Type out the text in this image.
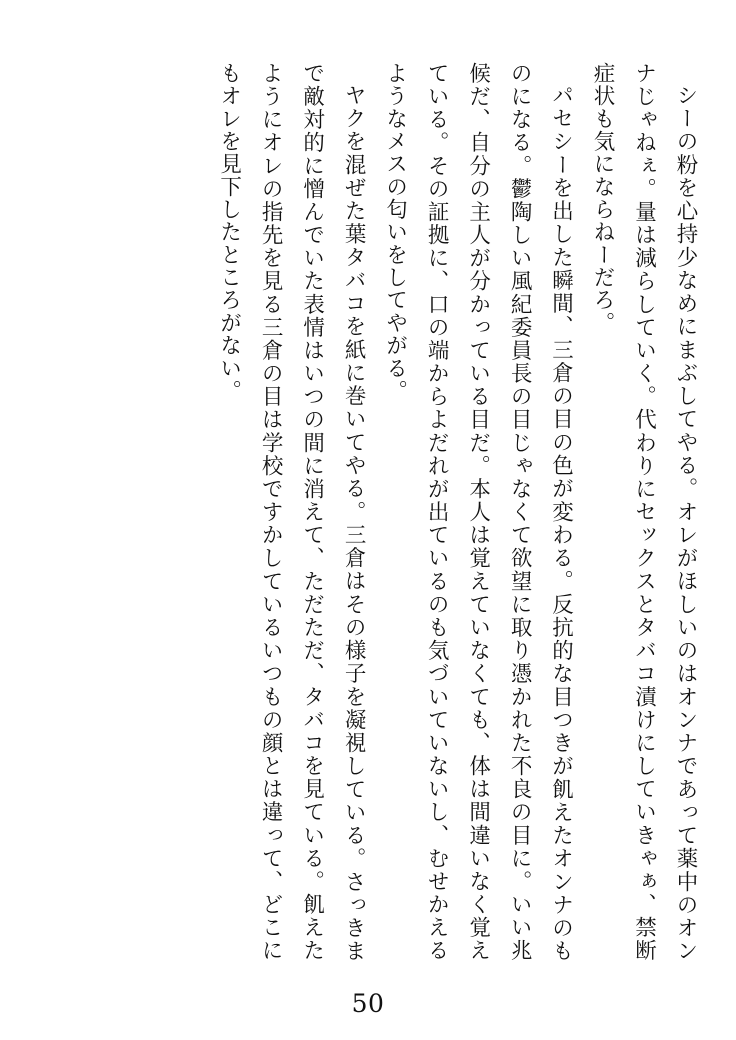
シーの粉を心持少なめにまぶしてやる。オレがほしいのはオンナであって薬中のオンナじゃねぇ。量は減らしていく。代わりにセックスとタバコ漬けにしていきゃぁ、禁断症状も気にならねーだろ。

パセシーを出した瞬間、三倉の目の色が変わる。反抗的な目つきが飢えたオンナのものになる。鬱陶しい風紀委員長の目じゃなくて欲望に取り憑かれた不良の目に。いい兆候だ、自分の主人が分かっている目だ。本人は覚えていなくても、体は間違いなく覚えている。その証拠に、口の端からよだれが出ているのも気づいていないし、むせかえるようなメスの匂いをしてやがる。

ヤクを混ぜた葉タバコを紙に巻いてやる。三倉はその様子を凝視している。さっきまで敵対的に憎んでいた表情はいつの間に消えて、ただただ、タバコを見ている。飢えたようにオレの指先を見る三倉の目は学校ですかしているいつもの顔とは違って、どこにもオレを見下したところがない。

50
